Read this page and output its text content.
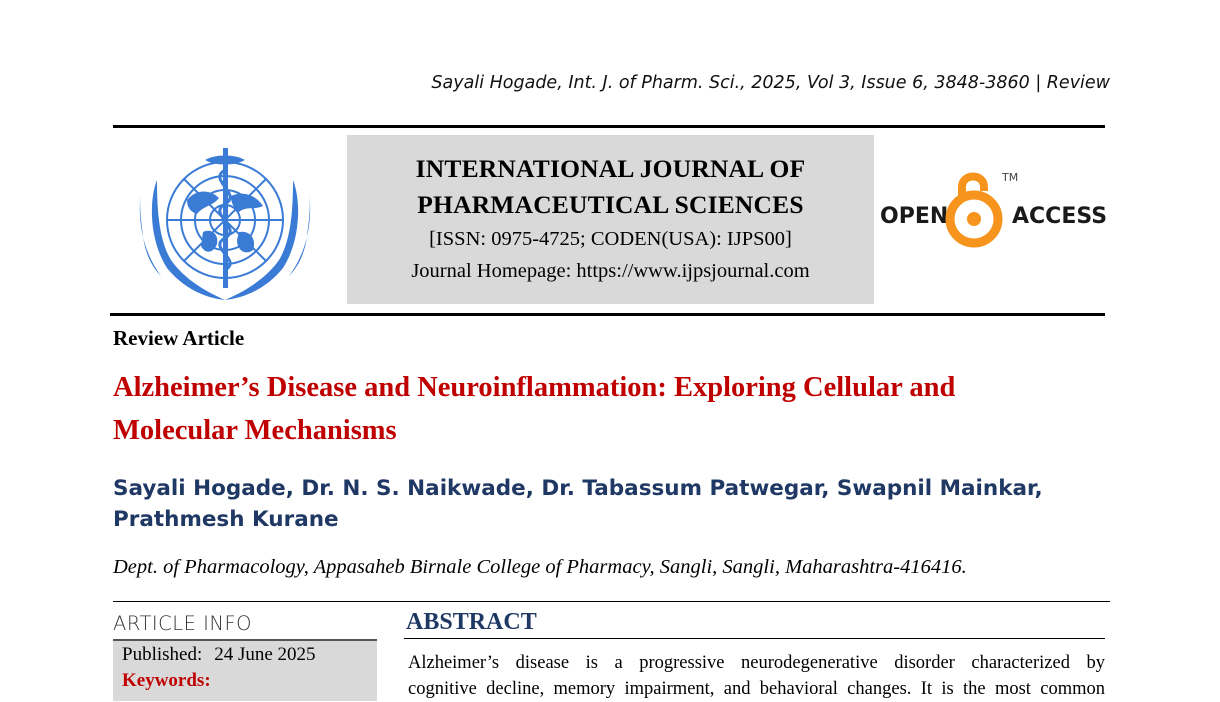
Sayali Hogade, Int. J. of Pharm. Sci., 2025, Vol 3, Issue 6, 3848-3860 | Review
INTERNATIONAL JOURNAL OF
PHARMACEUTICAL SCIENCES
[ISSN: 0975-4725; CODEN(USA): IJPS00]
Journal Homepage: https://www.ijpsjournal.com
OPEN
TM
ACCESS
Review Article
Alzheimer’s Disease and Neuroinflammation: Exploring Cellular and
Molecular Mechanisms
Sayali Hogade, Dr. N. S. Naikwade, Dr. Tabassum Patwegar, Swapnil Mainkar,
Prathmesh Kurane
Dept. of Pharmacology, Appasaheb Birnale College of Pharmacy, Sangli, Sangli, Maharashtra-416416.
ARTICLE INFO
Published: 24 June 2025
Keywords:
ABSTRACT
Alzheimer’s disease is a progressive neurodegenerative disorder characterized by
cognitive decline, memory impairment, and behavioral changes. It is the most common
